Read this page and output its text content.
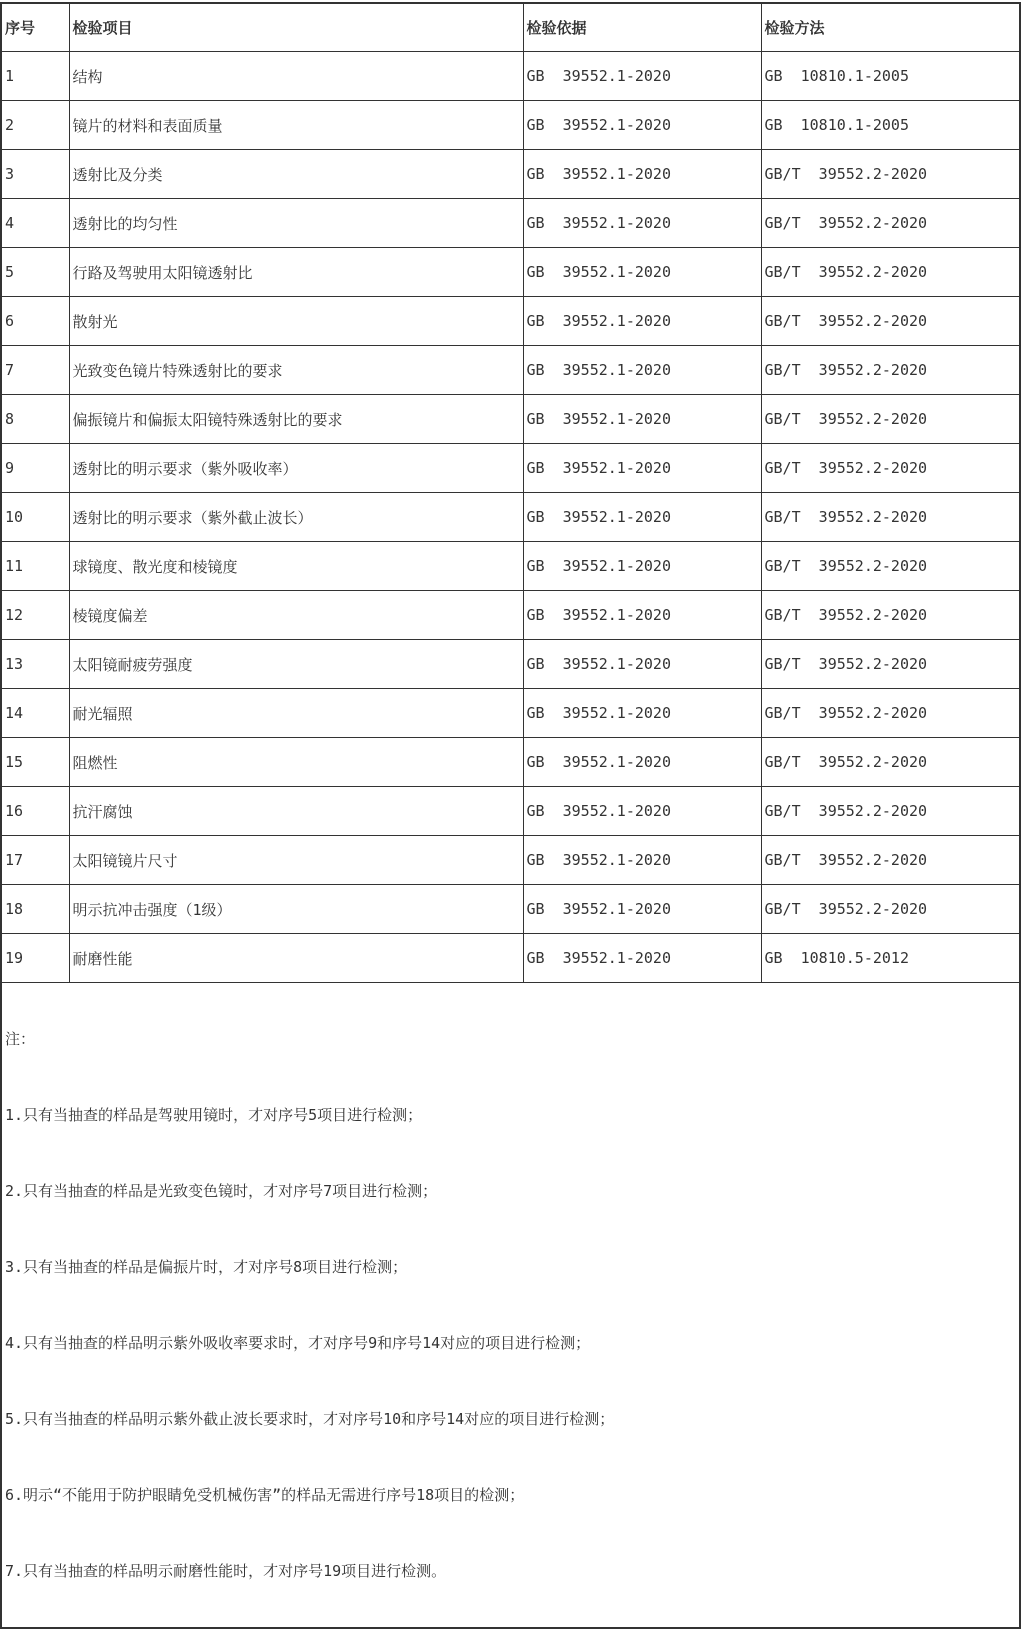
序号	检验项目	检验依据	检验方法
1	结构	GB  39552.1-2020	GB  10810.1-2005
2	镜片的材料和表面质量	GB  39552.1-2020	GB  10810.1-2005
3	透射比及分类	GB  39552.1-2020	GB/T  39552.2-2020
4	透射比的均匀性	GB  39552.1-2020	GB/T  39552.2-2020
5	行路及驾驶用太阳镜透射比	GB  39552.1-2020	GB/T  39552.2-2020
6	散射光	GB  39552.1-2020	GB/T  39552.2-2020
7	光致变色镜片特殊透射比的要求	GB  39552.1-2020	GB/T  39552.2-2020
8	偏振镜片和偏振太阳镜特殊透射比的要求	GB  39552.1-2020	GB/T  39552.2-2020
9	透射比的明示要求（紫外吸收率）	GB  39552.1-2020	GB/T  39552.2-2020
10	透射比的明示要求（紫外截止波长）	GB  39552.1-2020	GB/T  39552.2-2020
11	球镜度、散光度和棱镜度	GB  39552.1-2020	GB/T  39552.2-2020
12	棱镜度偏差	GB  39552.1-2020	GB/T  39552.2-2020
13	太阳镜耐疲劳强度	GB  39552.1-2020	GB/T  39552.2-2020
14	耐光辐照	GB  39552.1-2020	GB/T  39552.2-2020
15	阻燃性	GB  39552.1-2020	GB/T  39552.2-2020
16	抗汗腐蚀	GB  39552.1-2020	GB/T  39552.2-2020
17	太阳镜镜片尺寸	GB  39552.1-2020	GB/T  39552.2-2020
18	明示抗冲击强度（1级）	GB  39552.1-2020	GB/T  39552.2-2020
19	耐磨性能	GB  39552.1-2020	GB  10810.5-2012

注：

1.只有当抽查的样品是驾驶用镜时，才对序号5项目进行检测；

2.只有当抽查的样品是光致变色镜时，才对序号7项目进行检测；

3.只有当抽查的样品是偏振片时，才对序号8项目进行检测；

4.只有当抽查的样品明示紫外吸收率要求时，才对序号9和序号14对应的项目进行检测；

5.只有当抽查的样品明示紫外截止波长要求时，才对序号10和序号14对应的项目进行检测；

6.明示“不能用于防护眼睛免受机械伤害”的样品无需进行序号18项目的检测；

7.只有当抽查的样品明示耐磨性能时，才对序号19项目进行检测。
